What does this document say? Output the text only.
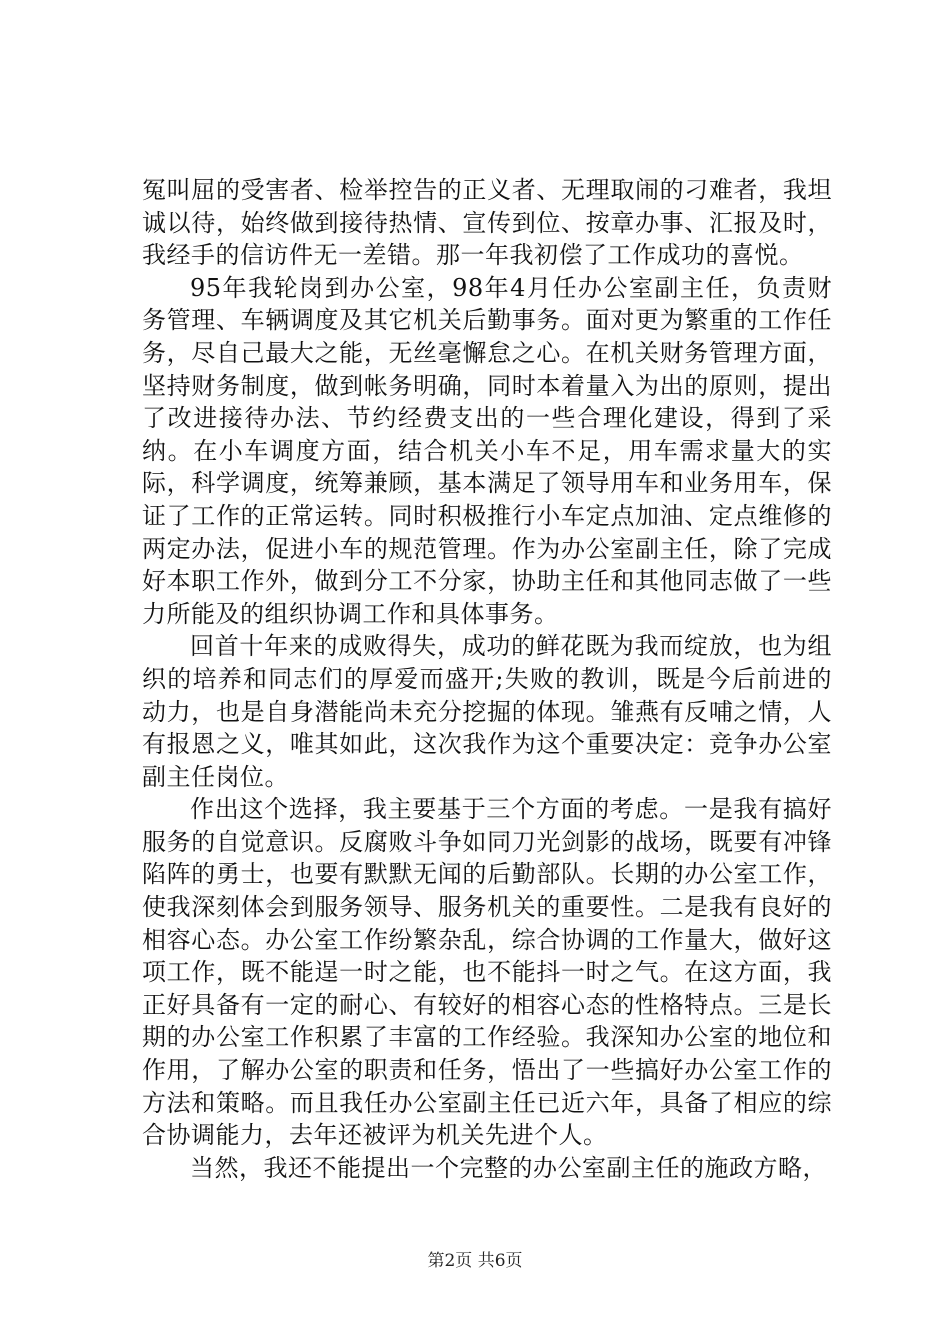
冤叫屈的受害者、检举控告的正义者、无理取闹的刁难者，我坦诚以待，始终做到接待热情、宣传到位、按章办事、汇报及时，我经手的信访件无一差错。那一年我初偿了工作成功的喜悦。

95年我轮岗到办公室，98年4月任办公室副主任，负责财务管理、车辆调度及其它机关后勤事务。面对更为繁重的工作任务，尽自己最大之能，无丝毫懈怠之心。在机关财务管理方面，坚持财务制度，做到帐务明确，同时本着量入为出的原则，提出了改进接待办法、节约经费支出的一些合理化建设，得到了采纳。在小车调度方面，结合机关小车不足，用车需求量大的实际，科学调度，统筹兼顾，基本满足了领导用车和业务用车，保证了工作的正常运转。同时积极推行小车定点加油、定点维修的两定办法，促进小车的规范管理。作为办公室副主任，除了完成好本职工作外，做到分工不分家，协助主任和其他同志做了一些力所能及的组织协调工作和具体事务。

回首十年来的成败得失，成功的鲜花既为我而绽放，也为组织的培养和同志们的厚爱而盛开;失败的教训，既是今后前进的动力，也是自身潜能尚未充分挖掘的体现。雏燕有反哺之情，人有报恩之义，唯其如此，这次我作为这个重要决定：竞争办公室副主任岗位。

作出这个选择，我主要基于三个方面的考虑。一是我有搞好服务的自觉意识。反腐败斗争如同刀光剑影的战场，既要有冲锋陷阵的勇士，也要有默默无闻的后勤部队。长期的办公室工作，使我深刻体会到服务领导、服务机关的重要性。二是我有良好的相容心态。办公室工作纷繁杂乱，综合协调的工作量大，做好这项工作，既不能逞一时之能，也不能抖一时之气。在这方面，我正好具备有一定的耐心、有较好的相容心态的性格特点。三是长期的办公室工作积累了丰富的工作经验。我深知办公室的地位和作用，了解办公室的职责和任务，悟出了一些搞好办公室工作的方法和策略。而且我任办公室副主任已近六年，具备了相应的综合协调能力，去年还被评为机关先进个人。

当然，我还不能提出一个完整的办公室副主任的施政方略，

第2页 共6页
